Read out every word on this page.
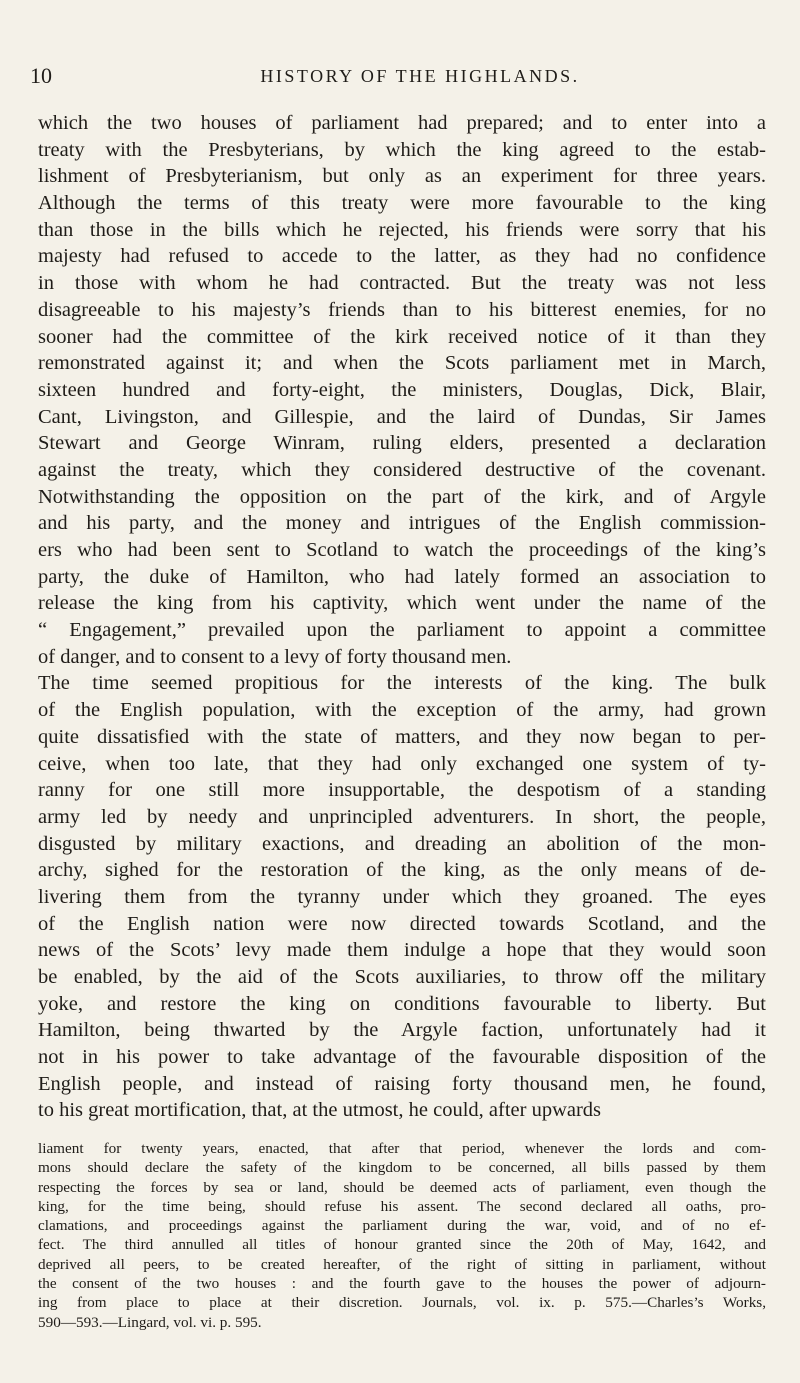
10	HISTORY OF THE HIGHLANDS.
which the two houses of parliament had prepared; and to enter into a
treaty with the Presbyterians, by which the king agreed to the estab-
lishment of Presbyterianism, but only as an experiment for three years.
Although the terms of this treaty were more favourable to the king
than those in the bills which he rejected, his friends were sorry that his
majesty had refused to accede to the latter, as they had no confidence
in those with whom he had contracted. But the treaty was not less
disagreeable to his majesty’s friends than to his bitterest enemies, for no
sooner had the committee of the kirk received notice of it than they
remonstrated against it; and when the Scots parliament met in March,
sixteen hundred and forty-eight, the ministers, Douglas, Dick, Blair,
Cant, Livingston, and Gillespie, and the laird of Dundas, Sir James
Stewart and George Winram, ruling elders, presented a declaration
against the treaty, which they considered destructive of the covenant.
Notwithstanding the opposition on the part of the kirk, and of Argyle
and his party, and the money and intrigues of the English commission-
ers who had been sent to Scotland to watch the proceedings of the king’s
party, the duke of Hamilton, who had lately formed an association to
release the king from his captivity, which went under the name of the
“ Engagement,” prevailed upon the parliament to appoint a committee
of danger, and to consent to a levy of forty thousand men.
The time seemed propitious for the interests of the king. The bulk
of the English population, with the exception of the army, had grown
quite dissatisfied with the state of matters, and they now began to per-
ceive, when too late, that they had only exchanged one system of ty-
ranny for one still more insupportable, the despotism of a standing
army led by needy and unprincipled adventurers. In short, the people,
disgusted by military exactions, and dreading an abolition of the mon-
archy, sighed for the restoration of the king, as the only means of de-
livering them from the tyranny under which they groaned. The eyes
of the English nation were now directed towards Scotland, and the
news of the Scots’ levy made them indulge a hope that they would soon
be enabled, by the aid of the Scots auxiliaries, to throw off the military
yoke, and restore the king on conditions favourable to liberty. But
Hamilton, being thwarted by the Argyle faction, unfortunately had it
not in his power to take advantage of the favourable disposition of the
English people, and instead of raising forty thousand men, he found,
to his great mortification, that, at the utmost, he could, after upwards
liament for twenty years, enacted, that after that period, whenever the lords and com-
mons should declare the safety of the kingdom to be concerned, all bills passed by them
respecting the forces by sea or land, should be deemed acts of parliament, even though the
king, for the time being, should refuse his assent. The second declared all oaths, pro-
clamations, and proceedings against the parliament during the war, void, and of no ef-
fect. The third annulled all titles of honour granted since the 20th of May, 1642, and
deprived all peers, to be created hereafter, of the right of sitting in parliament, without
the consent of the two houses : and the fourth gave to the houses the power of adjourn-
ing from place to place at their discretion. Journals, vol. ix. p. 575.—Charles’s Works,
590—593.—Lingard, vol. vi. p. 595.
